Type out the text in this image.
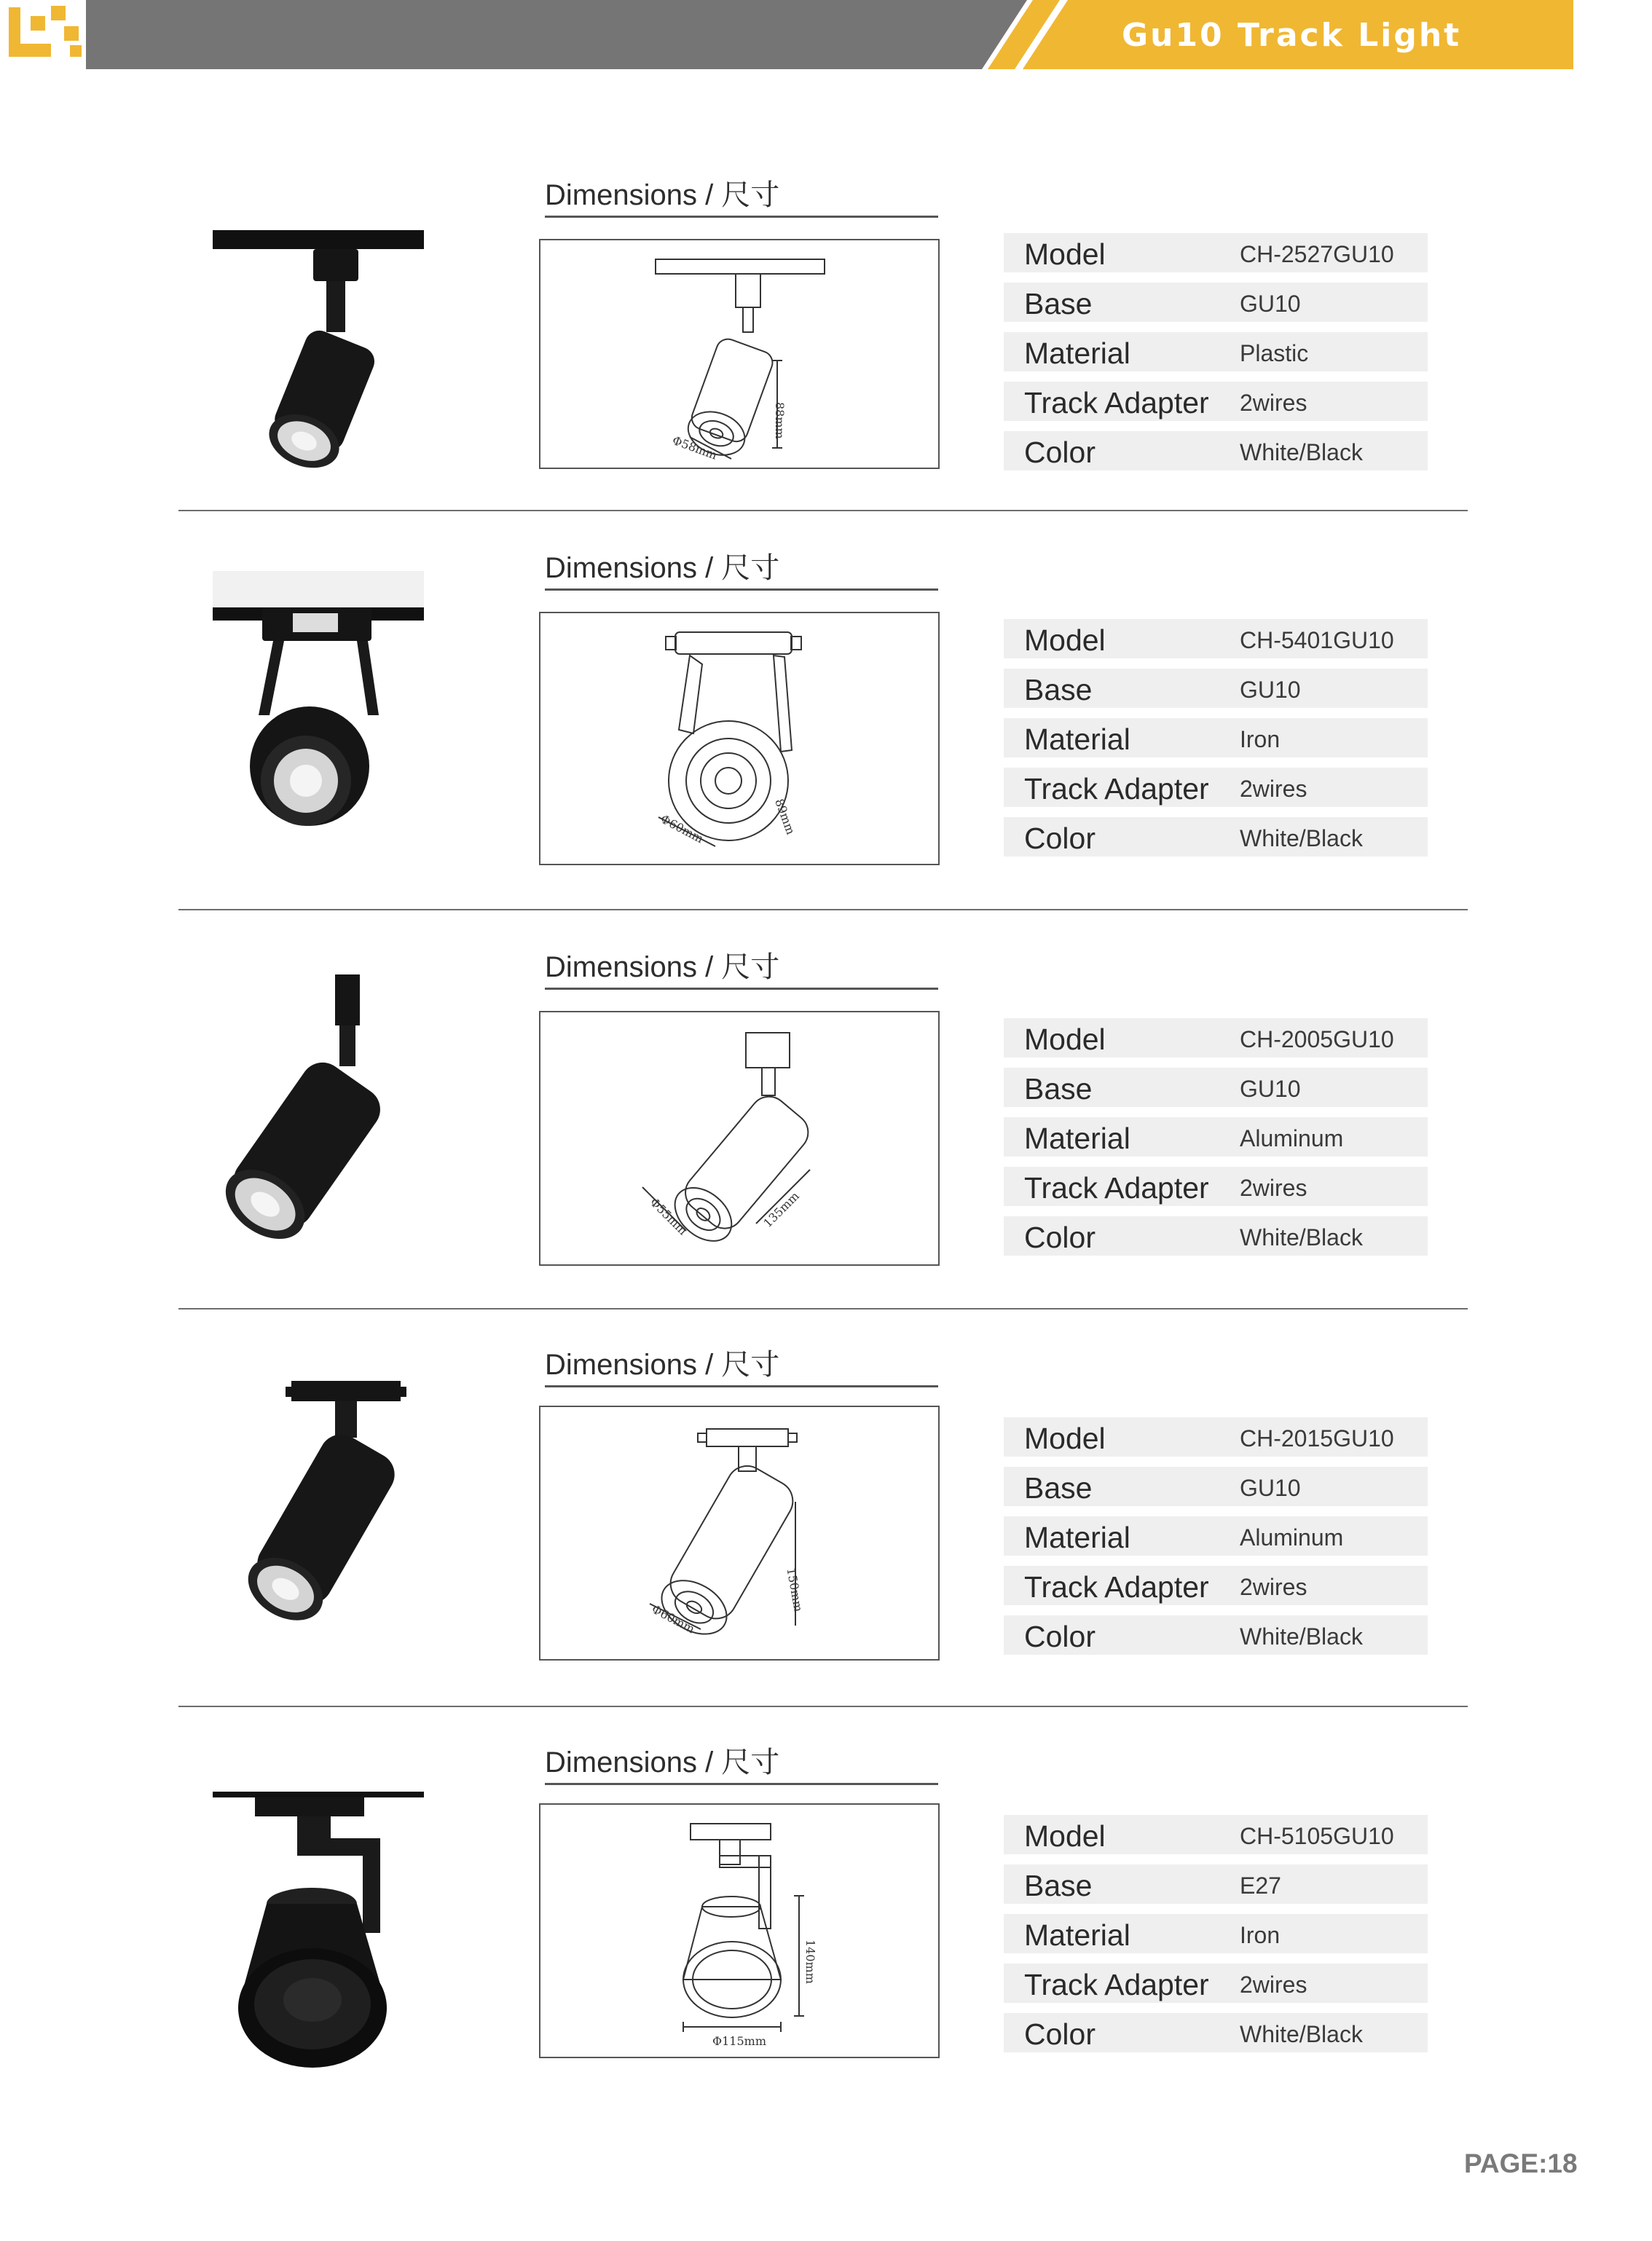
Gu10 Track Light Fixture
Dimensions / 尺寸
Φ58mm
88mm
Model	CH-2527GU10
Base	GU10
Material	Plastic
Track Adapter 2wires
Color	White/Black
Dimensions / 尺寸
Φ60mm	89mm
Model	CH-5401GU10
Base	GU10
Material	Iron
Track Adapter 2wires
Color	White/Black
Dimensions / 尺寸
Φ55mm	135mm
Model	CH-2005GU10
Base	GU10
Material	Aluminum
Track Adapter 2wires
Color	White/Black
Dimensions / 尺寸
Φ60mm
150mm
Model	CH-2015GU10
Base	GU10
Material	Aluminum
Track Adapter 2wires
Color	White/Black
Dimensions / 尺寸
Φ115mm
140mm
Model	CH-5105GU10
Base	E27
Material	Iron
Track Adapter 2wires
Color	White/Black
PAGE:18
